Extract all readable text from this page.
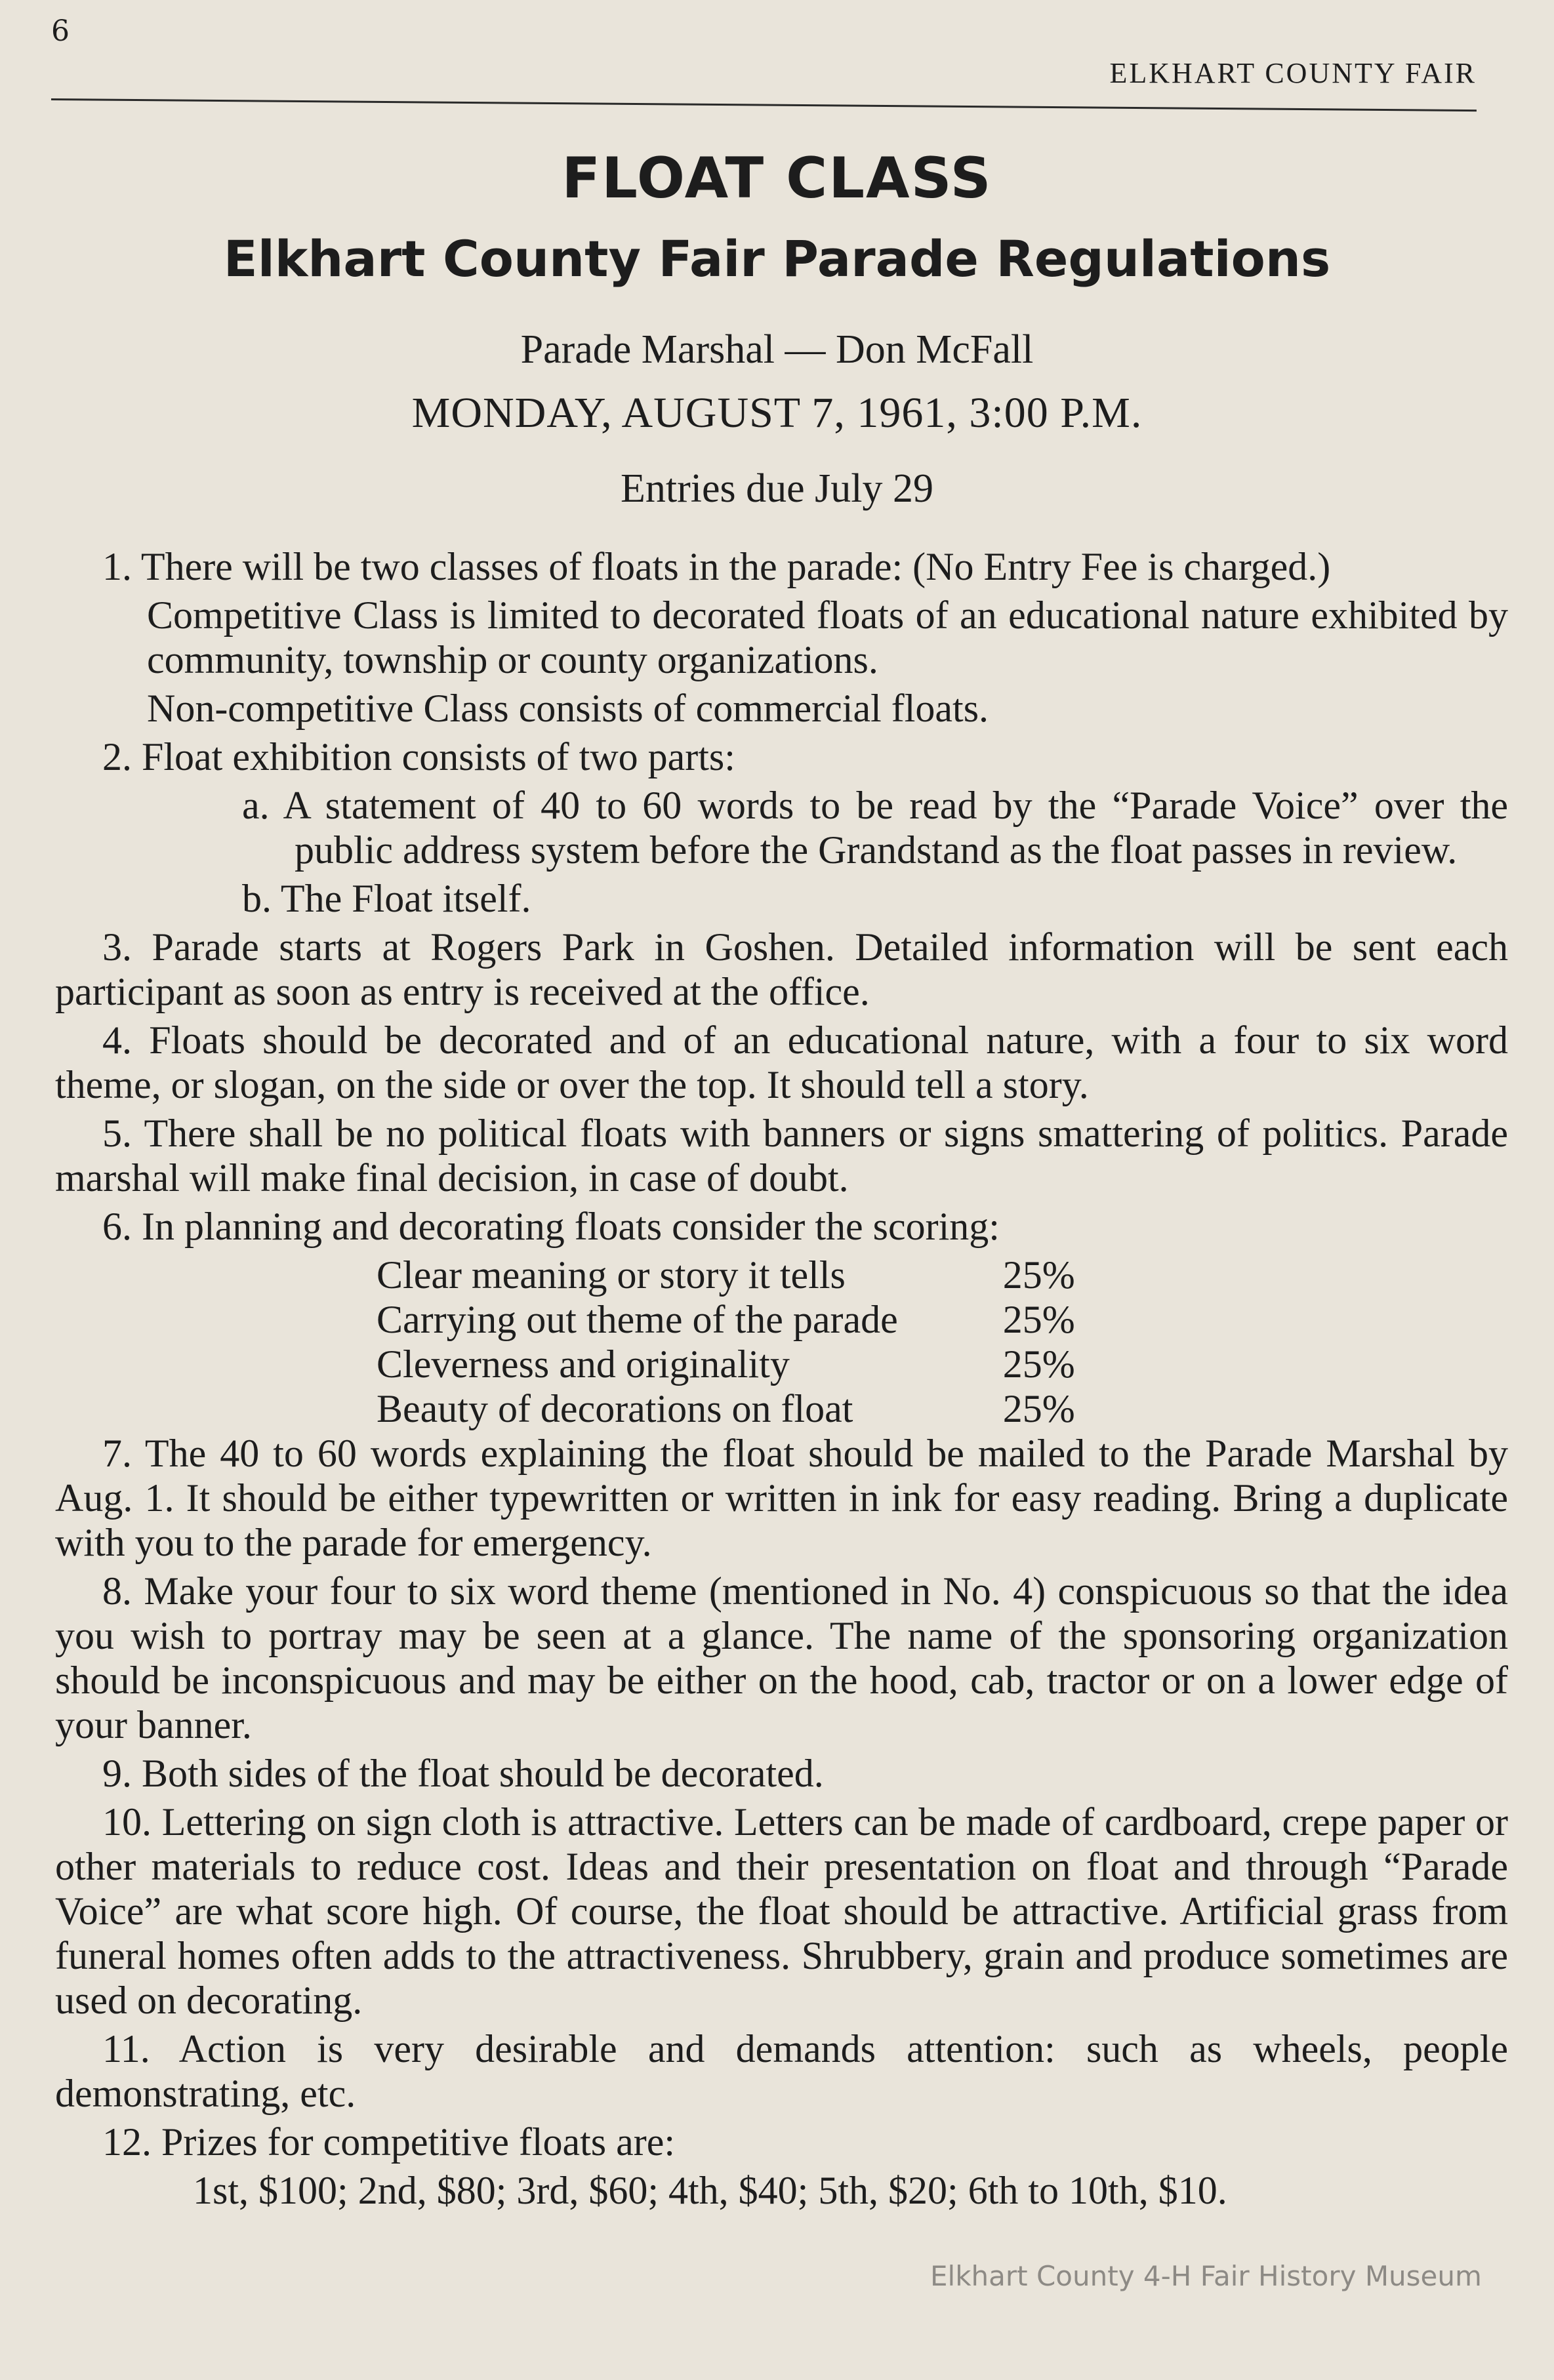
6
ELKHART COUNTY FAIR
FLOAT CLASS
Elkhart County Fair Parade Regulations
Parade Marshal — Don McFall
MONDAY, AUGUST 7, 1961, 3:00 P.M.
Entries due July 29

1. There will be two classes of floats in the parade: (No Entry Fee is charged.)

Competitive Class is limited to decorated floats of an educational nature exhibited by community, township or county organizations.

Non-competitive Class consists of commercial floats.

2. Float exhibition consists of two parts:

a. A statement of 40 to 60 words to be read by the “Parade Voice” over the public address system before the Grandstand as the float passes in review.

b. The Float itself.

3. Parade starts at Rogers Park in Goshen. Detailed information will be sent each participant as soon as entry is received at the office.

4. Floats should be decorated and of an educational nature, with a four to six word theme, or slogan, on the side or over the top. It should tell a story.

5. There shall be no political floats with banners or signs smattering of politics. Parade marshal will make final decision, in case of doubt.

6. In planning and decorating floats consider the scoring:

Clear meaning or story it tells	25%
Carrying out theme of the parade	25%
Cleverness and originality	25%
Beauty of decorations on float	25%

7. The 40 to 60 words explaining the float should be mailed to the Parade Marshal by Aug. 1. It should be either typewritten or written in ink for easy reading. Bring a duplicate with you to the parade for emergency.

8. Make your four to six word theme (mentioned in No. 4) conspicuous so that the idea you wish to portray may be seen at a glance. The name of the sponsoring organization should be inconspicuous and may be either on the hood, cab, tractor or on a lower edge of your banner.

9. Both sides of the float should be decorated.

10. Lettering on sign cloth is attractive. Letters can be made of cardboard, crepe paper or other materials to reduce cost. Ideas and their presentation on float and through “Parade Voice” are what score high. Of course, the float should be attractive. Artificial grass from funeral homes often adds to the attractiveness. Shrubbery, grain and produce sometimes are used on decorating.

11. Action is very desirable and demands attention: such as wheels, people demonstrating, etc.

12. Prizes for competitive floats are:

1st, $100; 2nd, $80; 3rd, $60; 4th, $40; 5th, $20; 6th to 10th, $10.

Elkhart County 4-H Fair History Museum
